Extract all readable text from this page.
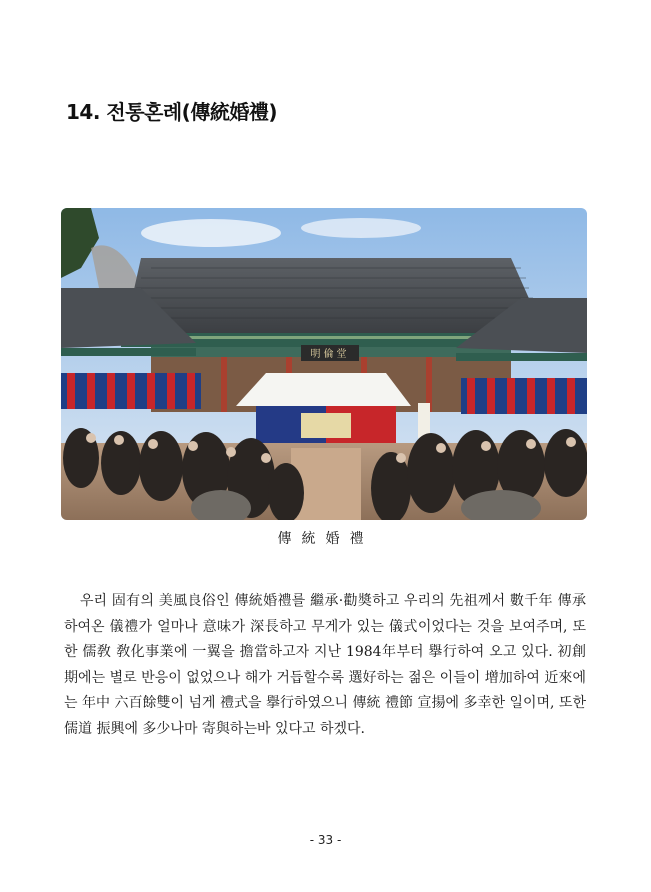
14. 전통혼례(傳統婚禮)
明倫堂
傳統婚禮

우리 固有의 美風良俗인 傳統婚禮를 繼承·勸奬하고 우리의 先祖께서 數千年 傳承하여온 儀禮가 얼마나 意味가 深長하고 무게가 있는 儀式이었다는 것을 보여주며, 또한 儒敎 敎化事業에 一翼을 擔當하고자 지난 1984年부터 擧行하여 오고 있다. 初創期에는 별로 반응이 없었으나 해가 거듭할수록 選好하는 젊은 이들이 增加하여 近來에는 年中 六百餘雙이 넘게 禮式을 擧行하였으니 傳統 禮節 宣揚에 多幸한 일이며, 또한 儒道 振興에 多少나마 寄與하는바 있다고 하겠다.

- 33 -
